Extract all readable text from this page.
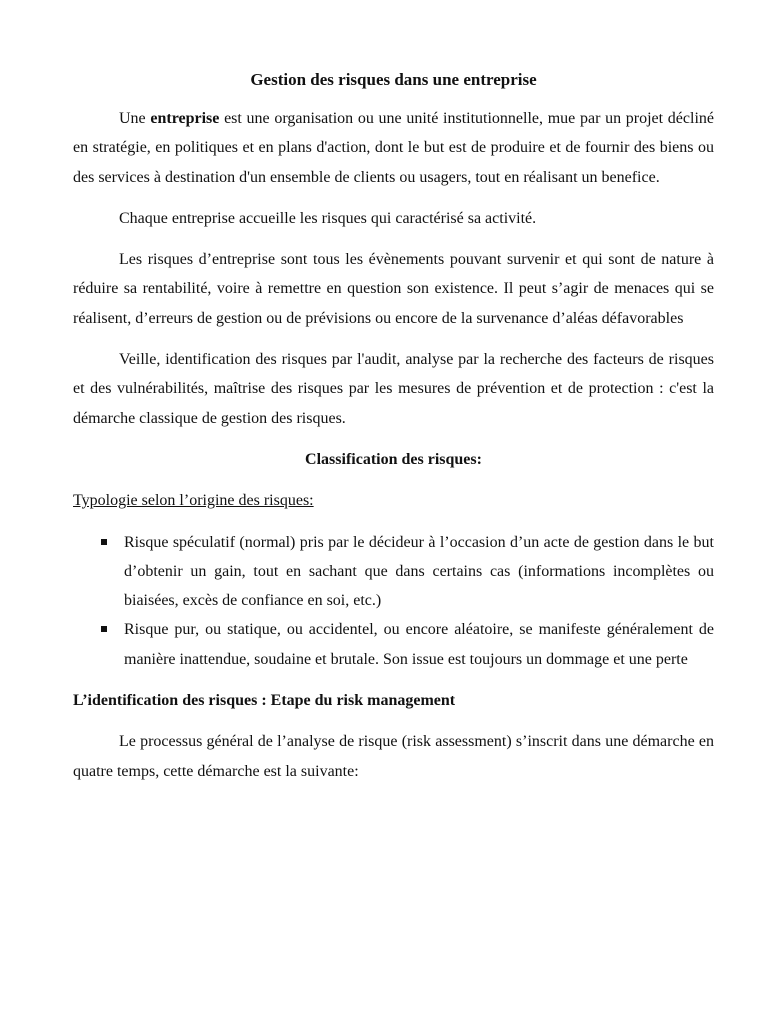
Gestion des risques dans une entreprise

Une entreprise est une organisation ou une unité institutionnelle, mue par un projet décliné en stratégie, en politiques et en plans d'action, dont le but est de produire et de fournir des biens ou des services à destination d'un ensemble de clients ou usagers, tout en réalisant un benefice.

Chaque entreprise accueille les risques qui caractérisé sa activité.

Les risques d’entreprise sont tous les évènements pouvant survenir et qui sont de nature à réduire sa rentabilité, voire à remettre en question son existence. Il peut s’agir de menaces qui se réalisent, d’erreurs de gestion ou de prévisions ou encore de la survenance d’aléas défavorables

Veille, identification des risques par l'audit, analyse par la recherche des facteurs de risques et des vulnérabilités, maîtrise des risques par les mesures de prévention et de protection : c'est la démarche classique de gestion des risques.

Classification des risques:
Typologie selon l’origine des risques:
Risque spéculatif (normal) pris par le décideur à l’occasion d’un acte de gestion dans le but d’obtenir un gain, tout en sachant que dans certains cas (informations incomplètes ou biaisées, excès de confiance en soi, etc.)
Risque pur, ou statique, ou accidentel, ou encore aléatoire, se manifeste généralement de manière inattendue, soudaine et brutale. Son issue est toujours un dommage et une perte
L’identification des risques : Etape du risk management

Le processus général de l’analyse de risque (risk assessment) s’inscrit dans une démarche en quatre temps, cette démarche est la suivante:
